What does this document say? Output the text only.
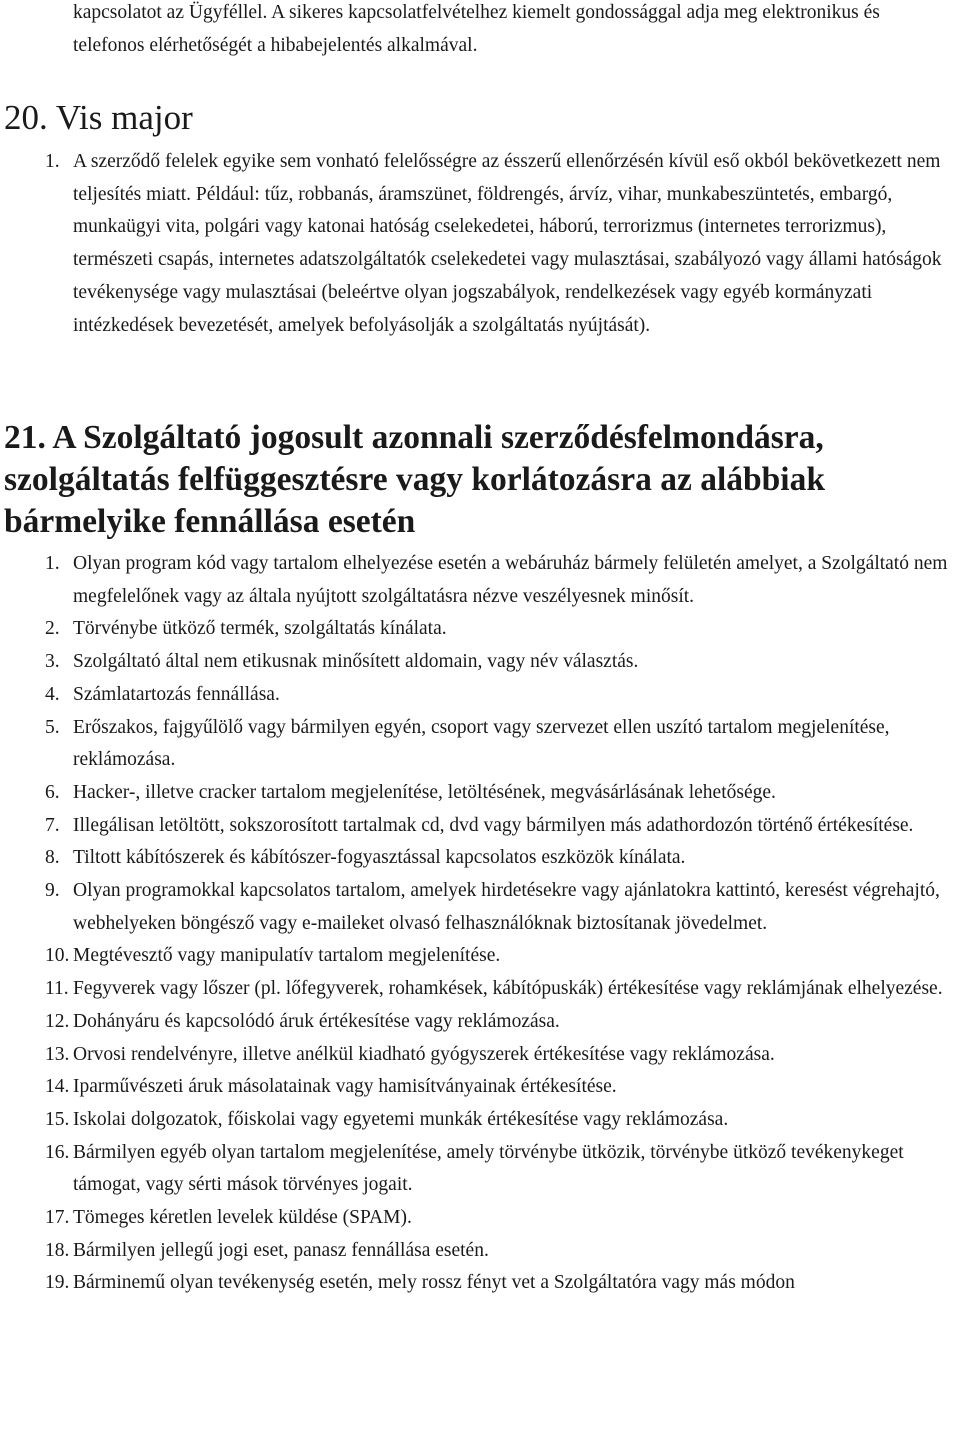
kapcsolatot az Ügyféllel. A sikeres kapcsolatfelvételhez kiemelt gondossággal adja meg elektronikus és telefonos elérhetőségét a hibabejelentés alkalmával.

20. Vis major
1. A szerződő felelek egyike sem vonható felelősségre az ésszerű ellenőrzésén kívül eső okból bekövetkezett nem teljesítés miatt. Például: tűz, robbanás, áramszünet, földrengés, árvíz, vihar, munkabeszüntetés, embargó, munkaügyi vita, polgári vagy katonai hatóság cselekedetei, háború, terrorizmus (internetes terrorizmus), természeti csapás, internetes adatszolgáltatók cselekedetei vagy mulasztásai, szabályozó vagy állami hatóságok tevékenysége vagy mulasztásai (beleértve olyan jogszabályok, rendelkezések vagy egyéb kormányzati intézkedések bevezetését, amelyek befolyásolják a szolgáltatás nyújtását).
21. A Szolgáltató jogosult azonnali szerződésfelmondásra, szolgáltatás felfüggesztésre vagy korlátozásra az alábbiak bármelyike fennállása esetén
1. Olyan program kód vagy tartalom elhelyezése esetén a webáruház bármely felületén amelyet, a Szolgáltató nem megfelelőnek vagy az általa nyújtott szolgáltatásra nézve veszélyesnek minősít.
2. Törvénybe ütköző termék, szolgáltatás kínálata.
3. Szolgáltató által nem etikusnak minősített aldomain, vagy név választás.
4. Számlatartozás fennállása.
5. Erőszakos, fajgyűlölő vagy bármilyen egyén, csoport vagy szervezet ellen uszító tartalom megjelenítése, reklámozása.
6. Hacker-, illetve cracker tartalom megjelenítése, letöltésének, megvásárlásának lehetősége.
7. Illegálisan letöltött, sokszorosított tartalmak cd, dvd vagy bármilyen más adathordozón történő értékesítése.
8. Tiltott kábítószerek és kábítószer-fogyasztással kapcsolatos eszközök kínálata.
9. Olyan programokkal kapcsolatos tartalom, amelyek hirdetésekre vagy ajánlatokra kattintó, keresést végrehajtó, webhelyeken böngésző vagy e-maileket olvasó felhasználóknak biztosítanak jövedelmet.
10. Megtévesztő vagy manipulatív tartalom megjelenítése.
11. Fegyverek vagy lőszer (pl. lőfegyverek, rohamkések, kábítópuskák) értékesítése vagy reklámjának elhelyezése.
12. Dohányáru és kapcsolódó áruk értékesítése vagy reklámozása.
13. Orvosi rendelvényre, illetve anélkül kiadható gyógyszerek értékesítése vagy reklámozása.
14. Iparművészeti áruk másolatainak vagy hamisítványainak értékesítése.
15. Iskolai dolgozatok, főiskolai vagy egyetemi munkák értékesítése vagy reklámozása.
16. Bármilyen egyéb olyan tartalom megjelenítése, amely törvénybe ütközik, törvénybe ütköző tevékenykeget támogat, vagy sérti mások törvényes jogait.
17. Tömeges kéretlen levelek küldése (SPAM).
18. Bármilyen jellegű jogi eset, panasz fennállása esetén.
19. Bárminemű olyan tevékenység esetén, mely rossz fényt vet a Szolgáltatóra vagy más módon
